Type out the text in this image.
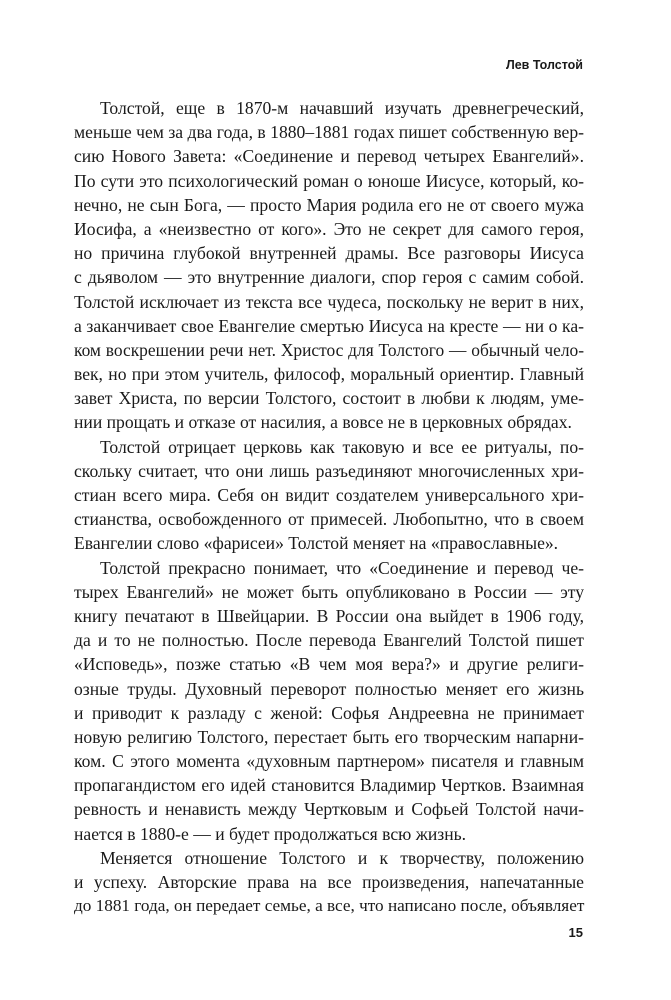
Лев Толстой
Толстой, еще в 1870-м начавший изучать древнегреческий,
меньше чем за два года, в 1880–1881 годах пишет собственную вер-
сию Нового Завета: «Соединение и перевод четырех Евангелий».
По сути это психологический роман о юноше Иисусе, который, ко-
нечно, не сын Бога, — просто Мария родила его не от своего мужа
Иосифа, а «неизвестно от кого». Это не секрет для самого героя,
но причина глубокой внутренней драмы. Все разговоры Иисуса
с дьяволом — это внутренние диалоги, спор героя с самим собой.
Толстой исключает из текста все чудеса, поскольку не верит в них,
а заканчивает свое Евангелие смертью Иисуса на кресте — ни о ка-
ком воскрешении речи нет. Христос для Толстого — обычный чело-
век, но при этом учитель, философ, моральный ориентир. Главный
завет Христа, по версии Толстого, состоит в любви к людям, уме-
нии прощать и отказе от насилия, а вовсе не в церковных обрядах.
Толстой отрицает церковь как таковую и все ее ритуалы, по-
скольку считает, что они лишь разъединяют многочисленных хри-
стиан всего мира. Себя он видит создателем универсального хри-
стианства, освобожденного от примесей. Любопытно, что в своем
Евангелии слово «фарисеи» Толстой меняет на «православные».
Толстой прекрасно понимает, что «Соединение и перевод че-
тырех Евангелий» не может быть опубликовано в России — эту
книгу печатают в Швейцарии. В России она выйдет в 1906 году,
да и то не полностью. После перевода Евангелий Толстой пишет
«Исповедь», позже статью «В чем моя вера?» и другие религи-
озные труды. Духовный переворот полностью меняет его жизнь
и приводит к разладу с женой: Софья Андреевна не принимает
новую религию Толстого, перестает быть его творческим напарни-
ком. С этого момента «духовным партнером» писателя и главным
пропагандистом его идей становится Владимир Чертков. Взаимная
ревность и ненависть между Чертковым и Софьей Толстой начи-
нается в 1880-е — и будет продолжаться всю жизнь.
Меняется отношение Толстого и к творчеству, положению
и успеху. Авторские права на все произведения, напечатанные
до 1881 года, он передает семье, а все, что написано после, объявляет
15
